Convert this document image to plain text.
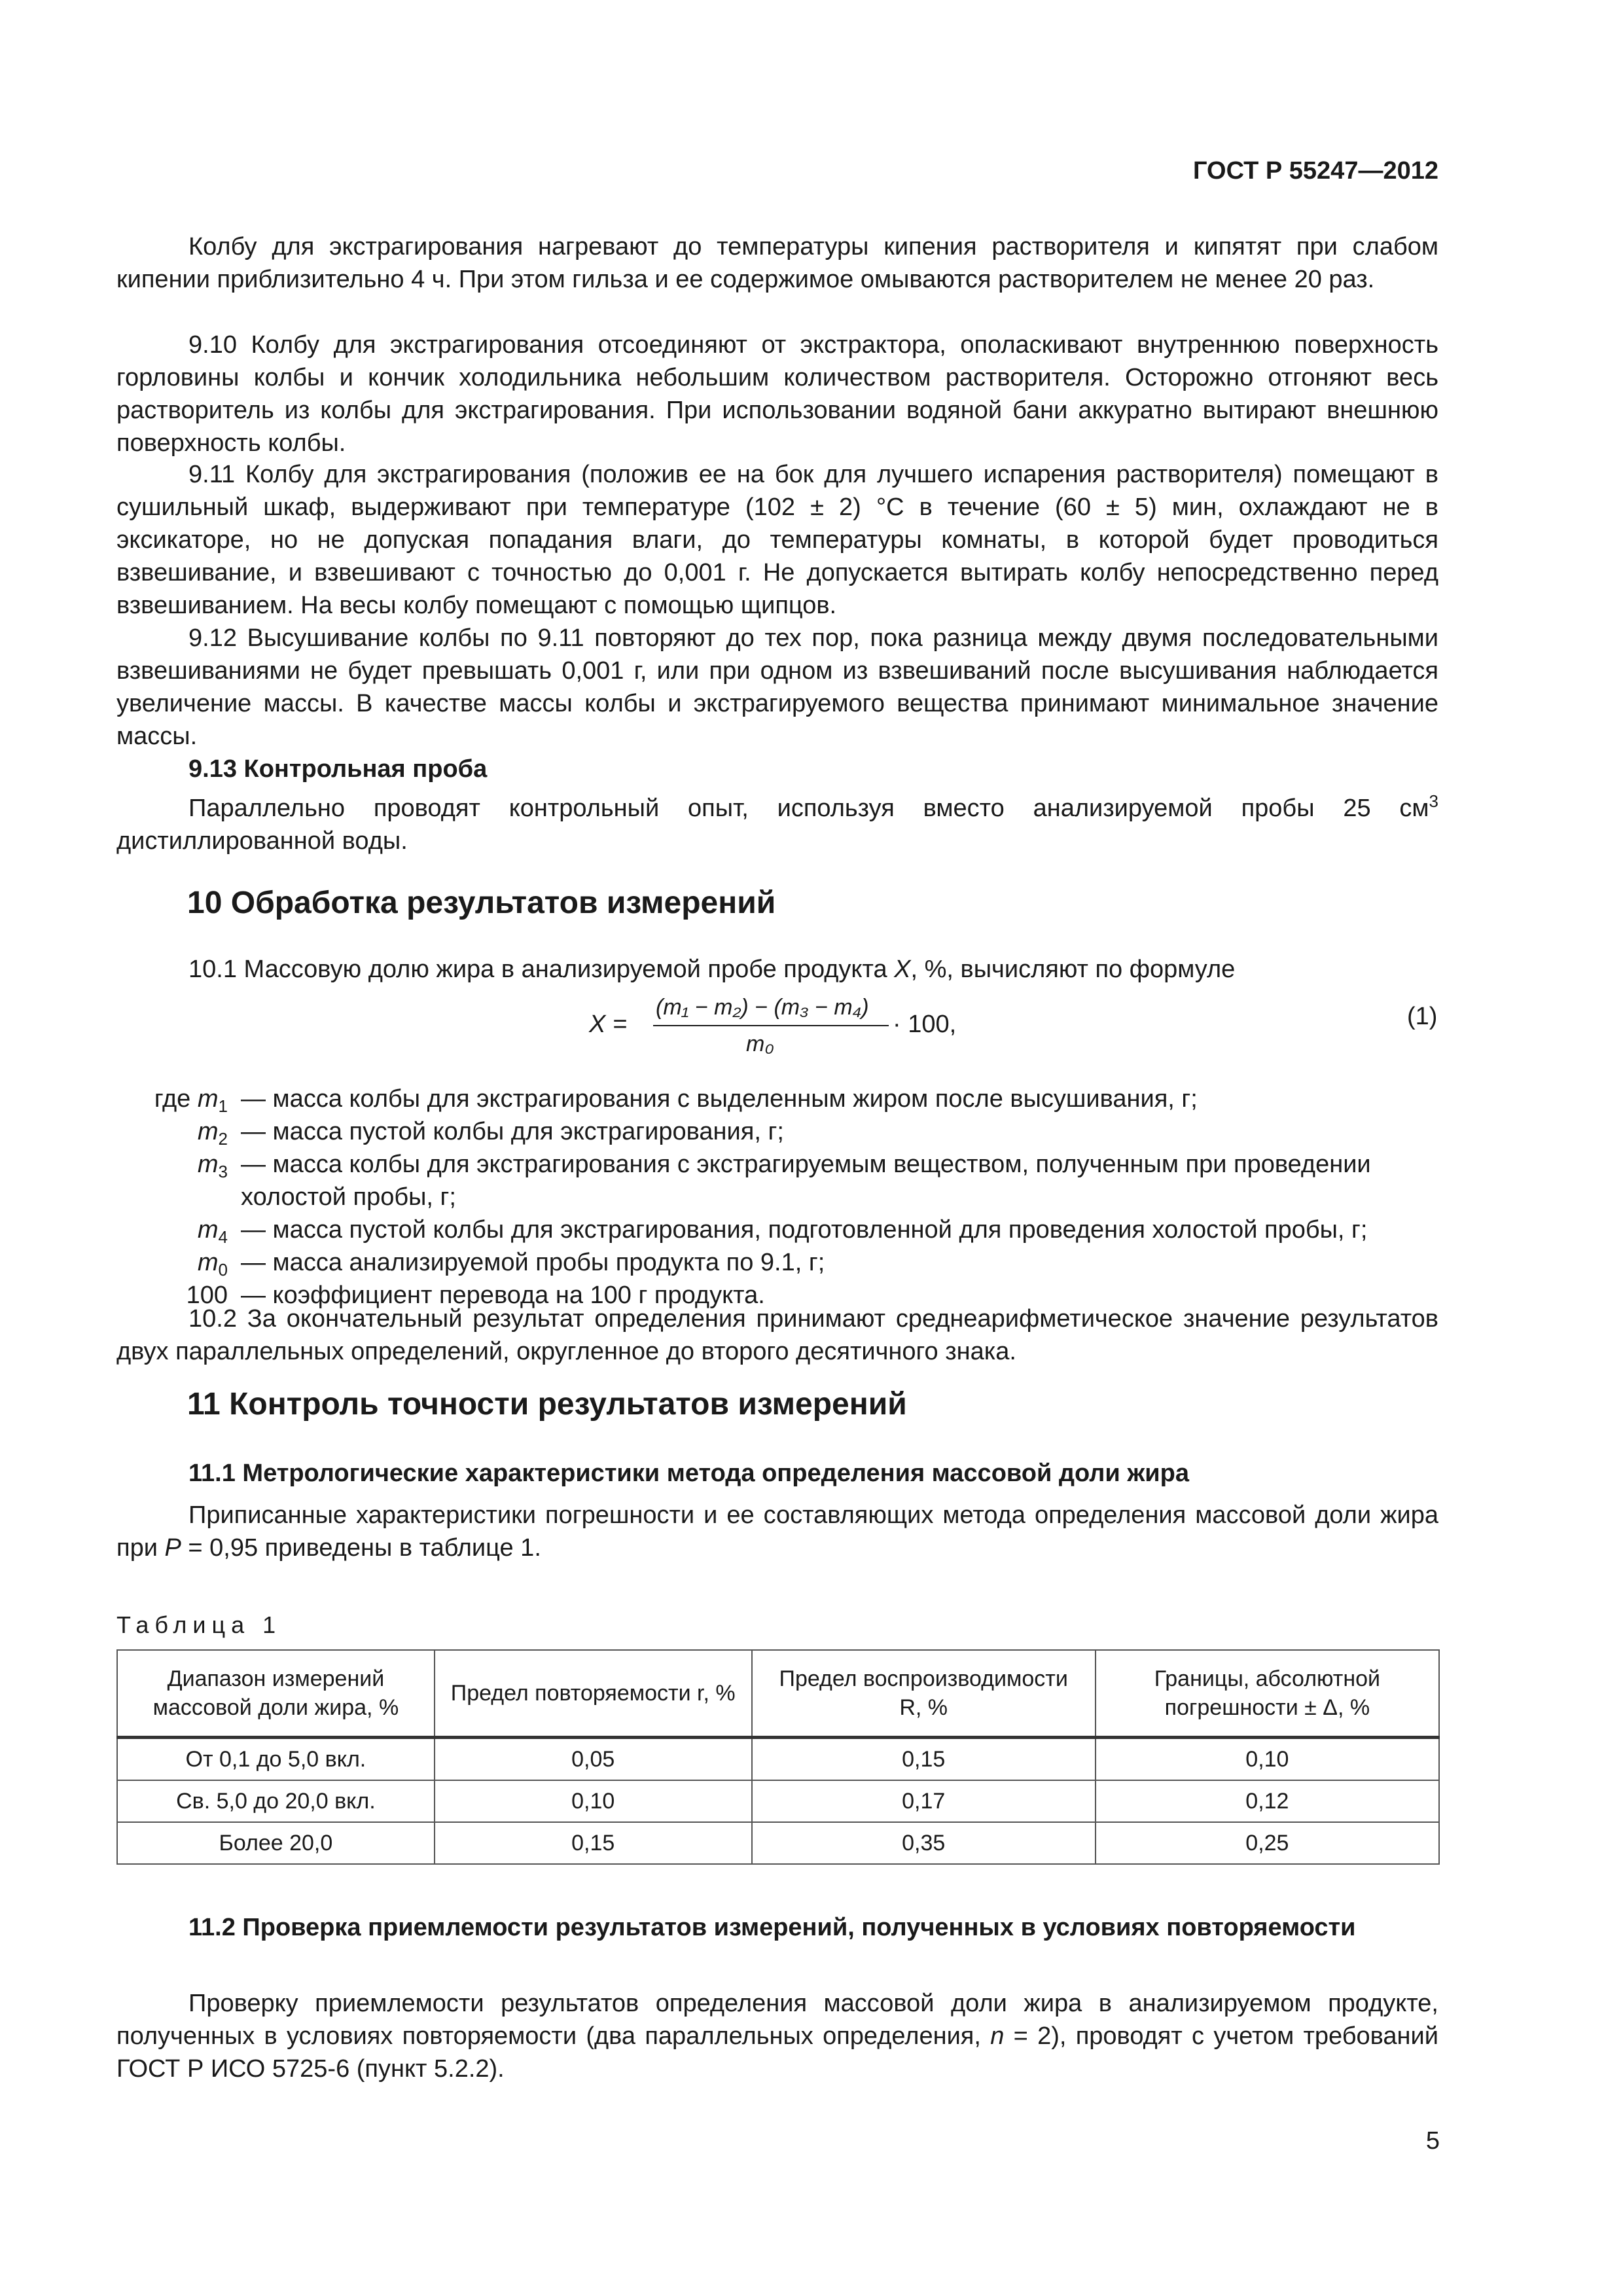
ГОСТ Р 55247—2012
Колбу для экстрагирования нагревают до температуры кипения растворителя и кипятят при слабом кипении приблизительно 4 ч. При этом гильза и ее содержимое омываются растворителем не менее 20 раз.
9.10 Колбу для экстрагирования отсоединяют от экстрактора, ополаскивают внутреннюю поверхность горловины колбы и кончик холодильника небольшим количеством растворителя. Осторожно отгоняют весь растворитель из колбы для экстрагирования. При использовании водяной бани аккуратно вытирают внешнюю поверхность колбы.
9.11 Колбу для экстрагирования (положив ее на бок для лучшего испарения растворителя) помещают в сушильный шкаф, выдерживают при температуре (102 ± 2) °С в течение (60 ± 5) мин, охлаждают не в эксикаторе, но не допуская попадания влаги, до температуры комнаты, в которой будет проводиться взвешивание, и взвешивают с точностью до 0,001 г. Не допускается вытирать колбу непосредственно перед взвешиванием. На весы колбу помещают с помощью щипцов.
9.12 Высушивание колбы по 9.11 повторяют до тех пор, пока разница между двумя последовательными взвешиваниями не будет превышать 0,001 г, или при одном из взвешиваний после высушивания наблюдается увеличение массы. В качестве массы колбы и экстрагируемого вещества принимают минимальное значение массы.
9.13 Контрольная проба
Параллельно проводят контрольный опыт, используя вместо анализируемой пробы 25 $см^3$ дистиллированной воды.
10 Обработка результатов измерений
10.1 Массовую долю жира в анализируемой пробе продукта X, %, вычисляют по формуле
X =
(m₁ − m₂) − (m₃ − m₄)
m₀
· 100,	(1)
где $m_1$ — масса колбы для экстрагирования с выделенным жиром после высушивания, г;
$m_2$ — масса пустой колбы для экстрагирования, г;
$m_3$ — масса колбы для экстрагирования с экстрагируемым веществом, полученным при проведении холостой пробы, г;
$m_4$ — масса пустой колбы для экстрагирования, подготовленной для проведения холостой пробы, г;
$m_0$ — масса анализируемой пробы продукта по 9.1, г;
100 — коэффициент перевода на 100 г продукта.
10.2 За окончательный результат определения принимают среднеарифметическое значение результатов двух параллельных определений, округленное до второго десятичного знака.
11 Контроль точности результатов измерений
11.1 Метрологические характеристики метода определения массовой доли жира
Приписанные характеристики погрешности и ее составляющих метода определения массовой доли жира при P = 0,95 приведены в таблице 1.
Таблица 1
Диапазон измерений массовой доли жира, %	Предел повторяемости r, %	Предел воспроизводимости R, %	Границы, абсолютной погрешности ± Δ, %
От 0,1 до 5,0 вкл.	0,05	0,15	0,10
Св. 5,0 до 20,0 вкл.	0,10	0,17	0,12
Более 20,0	0,15	0,35	0,25
11.2 Проверка приемлемости результатов измерений, полученных в условиях повторяемости
Проверку приемлемости результатов определения массовой доли жира в анализируемом продукте, полученных в условиях повторяемости (два параллельных определения, n = 2), проводят с учетом требований ГОСТ Р ИСО 5725-6 (пункт 5.2.2).
5
